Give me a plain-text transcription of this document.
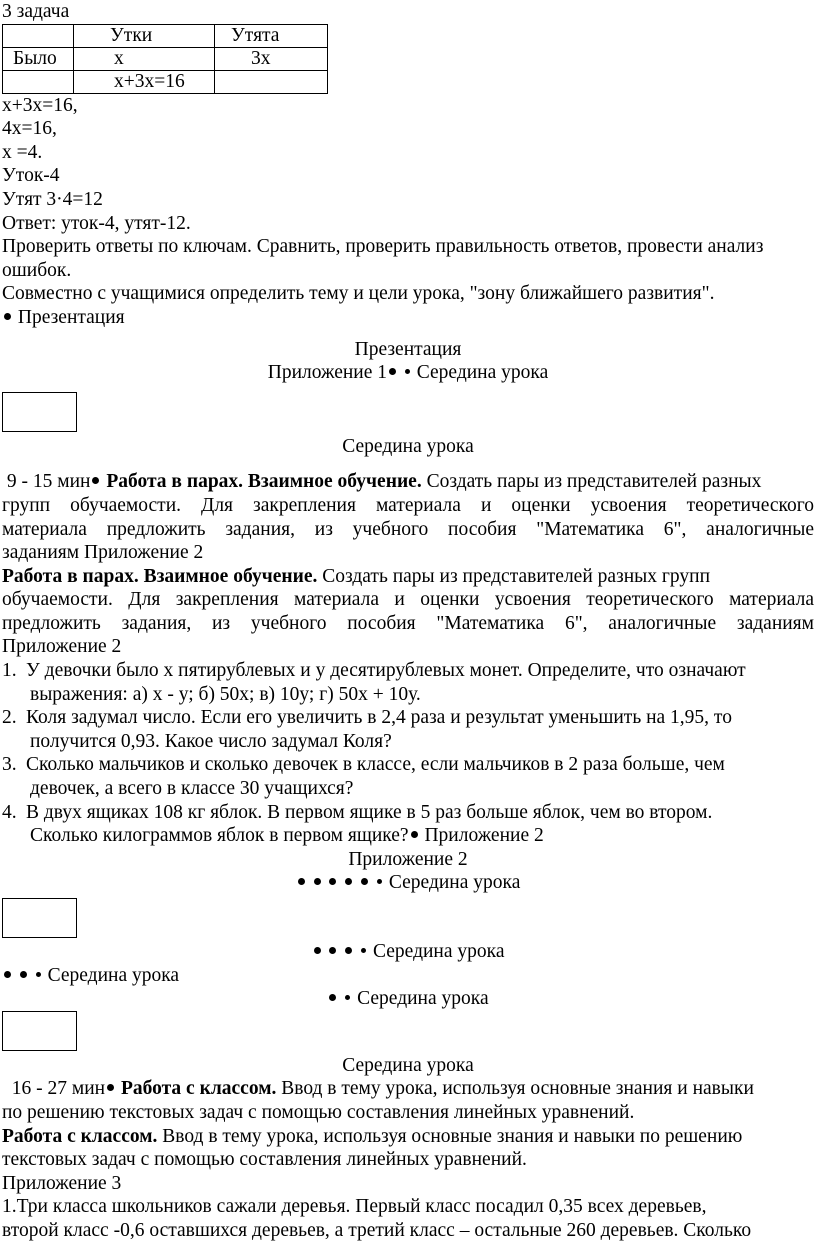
3 задача
	Утки	Утята
Было	х	3х
	х+3х=16	
х+3х=16,
4х=16,
х =4.
Уток-4
Утят 3·4=12
Ответ: уток-4, утят-12.
Проверить ответы по ключам. Сравнить, проверить правильность ответов, провести анализ
ошибок.
Совместно с учащимися определить тему и цели урока, "зону ближайшего развития".
Презентация
Презентация
Приложение 1 Середина урока
Середина урока
9 - 15 мин Работа в парах. Взаимное обучение. Создать пары из представителей разных
групп обучаемости. Для закрепления материала и оценки усвоения теоретического
материала предложить задания, из учебного пособия "Математика 6", аналогичные
заданиям Приложение 2
Работа в парах. Взаимное обучение. Создать пары из представителей разных групп
обучаемости. Для закрепления материала и оценки усвоения теоретического материала
предложить задания, из учебного пособия "Математика 6", аналогичные заданиям
Приложение 2
1. У девочки было х пятирублевых и у десятирублевых монет. Определите, что означают
выражения: а) х - у; б) 50х; в) 10у; г) 50х + 10у.
2. Коля задумал число. Если его увеличить в 2,4 раза и результат уменьшить на 1,95, то
получится 0,93. Какое число задумал Коля?
3. Сколько мальчиков и сколько девочек в классе, если мальчиков в 2 раза больше, чем
девочек, а всего в классе 30 учащихся?
4. В двух ящиках 108 кг яблок. В первом ящике в 5 раз больше яблок, чем во втором.
Сколько килограммов яблок в первом ящике? Приложение 2
Приложение 2
Середина урока
Середина урока
Середина урока
Середина урока
Середина урока
16 - 27 мин Работа с классом. Ввод в тему урока, используя основные знания и навыки
по решению текстовых задач с помощью составления линейных уравнений.
Работа с классом. Ввод в тему урока, используя основные знания и навыки по решению
текстовых задач с помощью составления линейных уравнений.
Приложение 3
1.Три класса школьников сажали деревья. Первый класс посадил 0,35 всех деревьев,
второй класс -0,6 оставшихся деревьев, а третий класс – остальные 260 деревьев. Сколько
